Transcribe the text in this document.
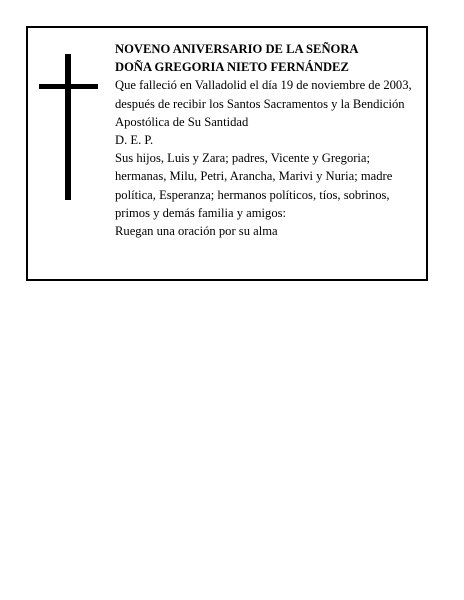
NOVENO ANIVERSARIO DE LA SEÑORA
DOÑA GREGORIA NIETO FERNÁNDEZ
Que falleció en Valladolid el día 19 de noviembre de 2003, después de recibir los Santos Sacramentos y la Bendición Apostólica de Su Santidad
D. E. P.
Sus hijos, Luis y Zara; padres, Vicente y Gregoria; hermanas, Milu, Petri, Arancha, Marivi y Nuria; madre política, Esperanza; hermanos políticos, tíos, sobrinos, primos y demás familia y amigos:
Ruegan una oración por su alma
